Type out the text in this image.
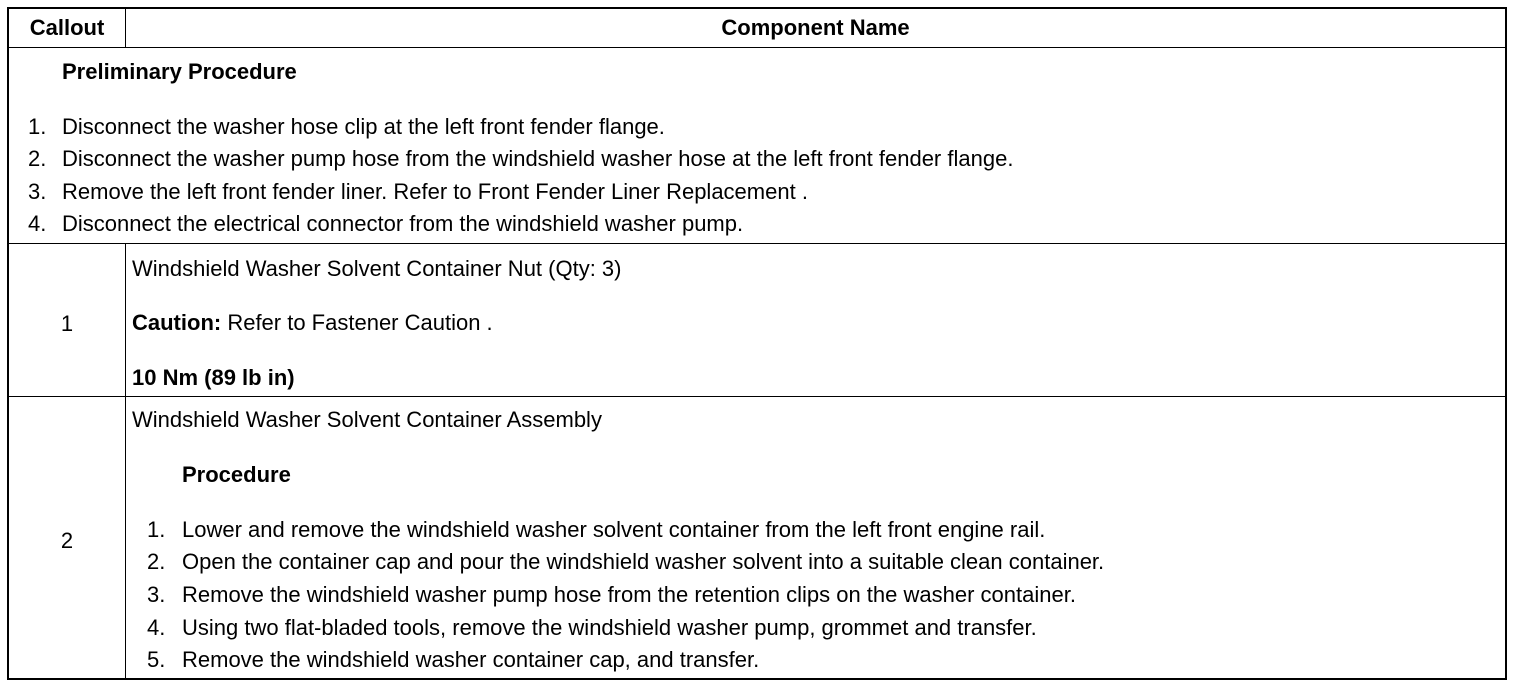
Callout	Component Name
Preliminary Procedure
1. Disconnect the washer hose clip at the left front fender flange.
2. Disconnect the washer pump hose from the windshield washer hose at the left front fender flange.
3. Remove the left front fender liner. Refer to Front Fender Liner Replacement .
4. Disconnect the electrical connector from the windshield washer pump.
1
Windshield Washer Solvent Container Nut (Qty: 3)
Caution: Refer to Fastener Caution .
10 Nm (89 lb in)
2
Windshield Washer Solvent Container Assembly
Procedure
1. Lower and remove the windshield washer solvent container from the left front engine rail.
2. Open the container cap and pour the windshield washer solvent into a suitable clean container.
3. Remove the windshield washer pump hose from the retention clips on the washer container.
4. Using two flat-bladed tools, remove the windshield washer pump, grommet and transfer.
5. Remove the windshield washer container cap, and transfer.
